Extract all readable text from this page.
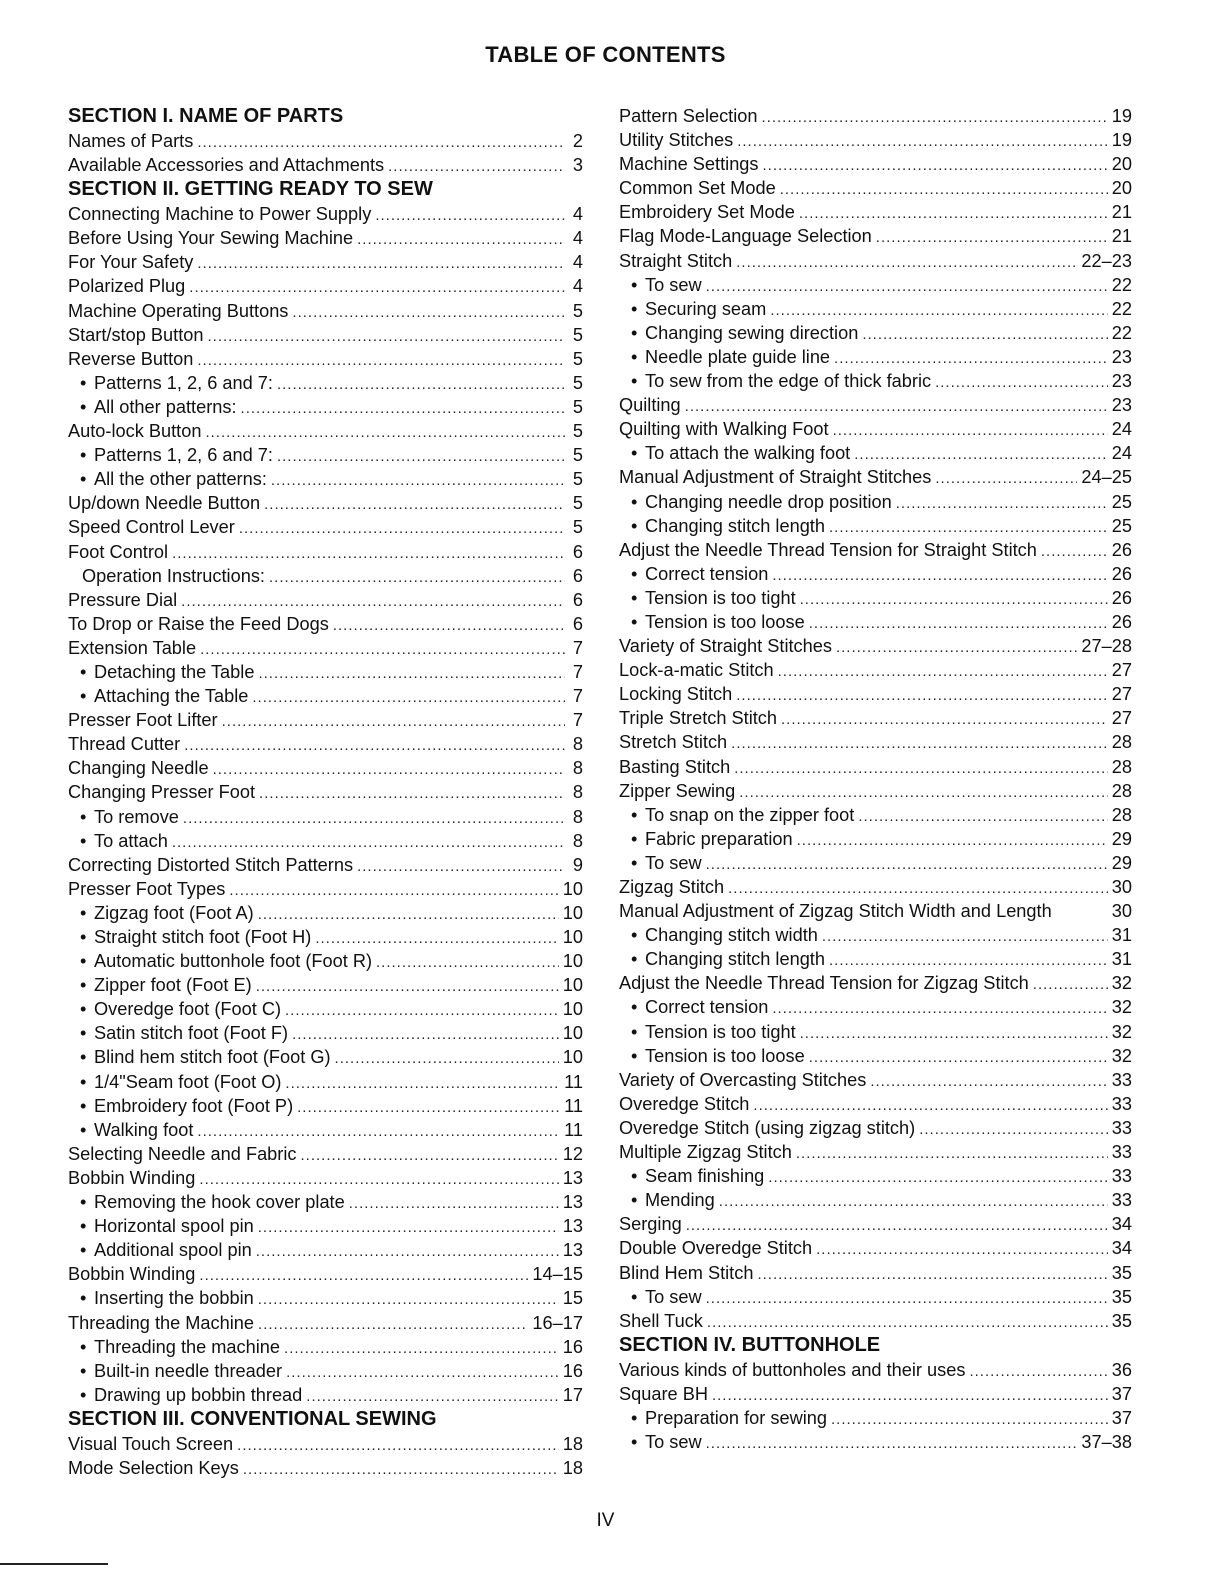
TABLE OF CONTENTS
SECTION I. NAME OF PARTS
Names of Parts .....	2
Available Accessories and Attachments .....	3
SECTION II. GETTING READY TO SEW
Connecting Machine to Power Supply .....	4
Before Using Your Sewing Machine .....	4
For Your Safety .....	4
Polarized Plug .....	4
Machine Operating Buttons .....	5
Start/stop Button .....	5
Reverse Button .....	5
• Patterns 1, 2, 6 and 7: .....	5
• All other patterns: .....	5
Auto-lock Button .....	5
• Patterns 1, 2, 6 and 7: .....	5
• All the other patterns: .....	5
Up/down Needle Button .....	5
Speed Control Lever .....	5
Foot Control .....	6
Operation Instructions: .....	6
Pressure Dial .....	6
To Drop or Raise the Feed Dogs .....	6
Extension Table .....	7
• Detaching the Table .....	7
• Attaching the Table .....	7
Presser Foot Lifter .....	7
Thread Cutter .....	8
Changing Needle .....	8
Changing Presser Foot .....	8
• To remove .....	8
• To attach .....	8
Correcting Distorted Stitch Patterns .....	9
Presser Foot Types .....	10
• Zigzag foot (Foot A) .....	10
• Straight stitch foot (Foot H) .....	10
• Automatic buttonhole foot (Foot R) .....	10
• Zipper foot (Foot E) .....	10
• Overedge foot (Foot C) .....	10
• Satin stitch foot (Foot F) .....	10
• Blind hem stitch foot (Foot G) .....	10
• 1/4"Seam foot (Foot O) .....	11
• Embroidery foot (Foot P) .....	11
• Walking foot .....	11
Selecting Needle and Fabric .....	12
Bobbin Winding .....	13
• Removing the hook cover plate .....	13
• Horizontal spool pin .....	13
• Additional spool pin .....	13
Bobbin Winding .....	14–15
• Inserting the bobbin .....	15
Threading the Machine .....	16–17
• Threading the machine .....	16
• Built-in needle threader .....	16
• Drawing up bobbin thread .....	17
SECTION III. CONVENTIONAL SEWING
Visual Touch Screen .....	18
Mode Selection Keys .....	18
Pattern Selection .....	19
Utility Stitches .....	19
Machine Settings .....	20
Common Set Mode .....	20
Embroidery Set Mode .....	21
Flag Mode-Language Selection .....	21
Straight Stitch .....	22–23
• To sew .....	22
• Securing seam .....	22
• Changing sewing direction .....	22
• Needle plate guide line .....	23
• To sew from the edge of thick fabric .....	23
Quilting .....	23
Quilting with Walking Foot .....	24
• To attach the walking foot .....	24
Manual Adjustment of Straight Stitches .....	24–25
• Changing needle drop position .....	25
• Changing stitch length .....	25
Adjust the Needle Thread Tension for Straight Stitch .....	26
• Correct tension .....	26
• Tension is too tight .....	26
• Tension is too loose .....	26
Variety of Straight Stitches .....	27–28
Lock-a-matic Stitch .....	27
Locking Stitch .....	27
Triple Stretch Stitch .....	27
Stretch Stitch .....	28
Basting Stitch .....	28
Zipper Sewing .....	28
• To snap on the zipper foot .....	28
• Fabric preparation .....	29
• To sew .....	29
Zigzag Stitch .....	30
Manual Adjustment of Zigzag Stitch Width and Length	30
• Changing stitch width .....	31
• Changing stitch length .....	31
Adjust the Needle Thread Tension for Zigzag Stitch .....	32
• Correct tension .....	32
• Tension is too tight .....	32
• Tension is too loose .....	32
Variety of Overcasting Stitches .....	33
Overedge Stitch .....	33
Overedge Stitch (using zigzag stitch) .....	33
Multiple Zigzag Stitch .....	33
• Seam finishing .....	33
• Mending .....	33
Serging .....	34
Double Overedge Stitch .....	34
Blind Hem Stitch .....	35
• To sew .....	35
Shell Tuck .....	35
SECTION IV. BUTTONHOLE
Various kinds of buttonholes and their uses .....	36
Square BH .....	37
• Preparation for sewing .....	37
• To sew .....	37–38
IV
